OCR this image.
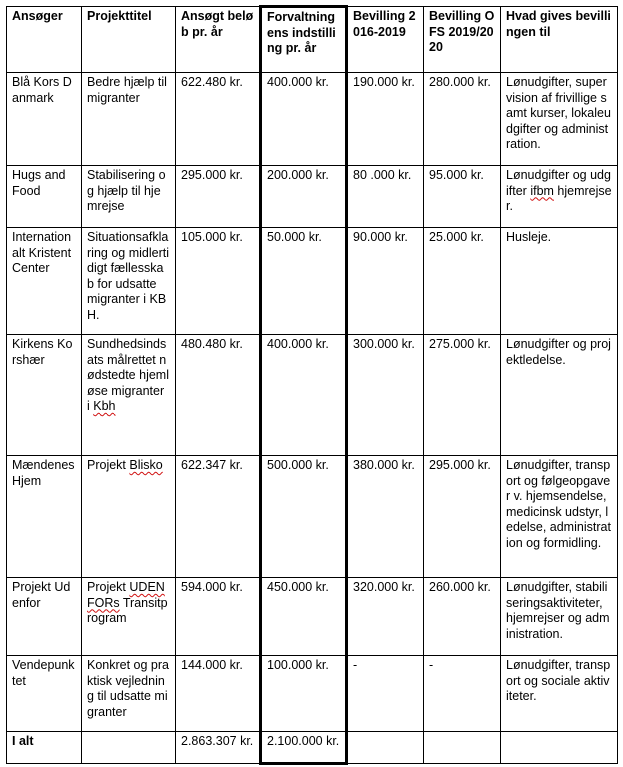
Ansøger	Projekttitel	Ansøgt beløb pr. år	Forvaltningens indstilling pr. år	Bevilling 2016-2019	Bevilling OFS 2019/2020	Hvad gives bevillingen til
Blå Kors Danmark	Bedre hjælp til migranter	622.480 kr.	400.000 kr.	190.000 kr.	280.000 kr.	Lønudgifter, supervision af frivillige samt kurser, lokaleudgifter og administration.
Hugs and Food	Stabilisering og hjælp til hjemrejse	295.000 kr.	200.000 kr.	80 .000 kr.	95.000 kr.	Lønudgifter og udgifter ifbm hjemrejser.
Internationalt Kristent Center	Situationsafklaring og midlertidigt fællesskab for udsatte migranter i KBH.	105.000 kr.	50.000 kr.	90.000 kr.	25.000 kr.	Husleje.
Kirkens Korshær	Sundhedsindsats målrettet nødstedte hjemløse migranter i Kbh	480.480 kr.	400.000 kr.	300.000 kr.	275.000 kr.	Lønudgifter og projektledelse.
Mændenes Hjem	Projekt Blisko	622.347 kr.	500.000 kr.	380.000 kr.	295.000 kr.	Lønudgifter, transport og følgeopgaver v. hjemsendelse, medicinsk udstyr, ledelse, administration og formidling.
Projekt Udenfor	Projekt UDENFORs Transitprogram	594.000 kr.	450.000 kr.	320.000 kr.	260.000 kr.	Lønudgifter, stabiliseringsaktiviteter, hjemrejser og administration.
Vendepunktet	Konkret og praktisk vejledning til udsatte migranter	144.000 kr.	100.000 kr.	-	-	Lønudgifter, transport og sociale aktiviteter.
I alt		2.863.307 kr.	2.100.000 kr.			
